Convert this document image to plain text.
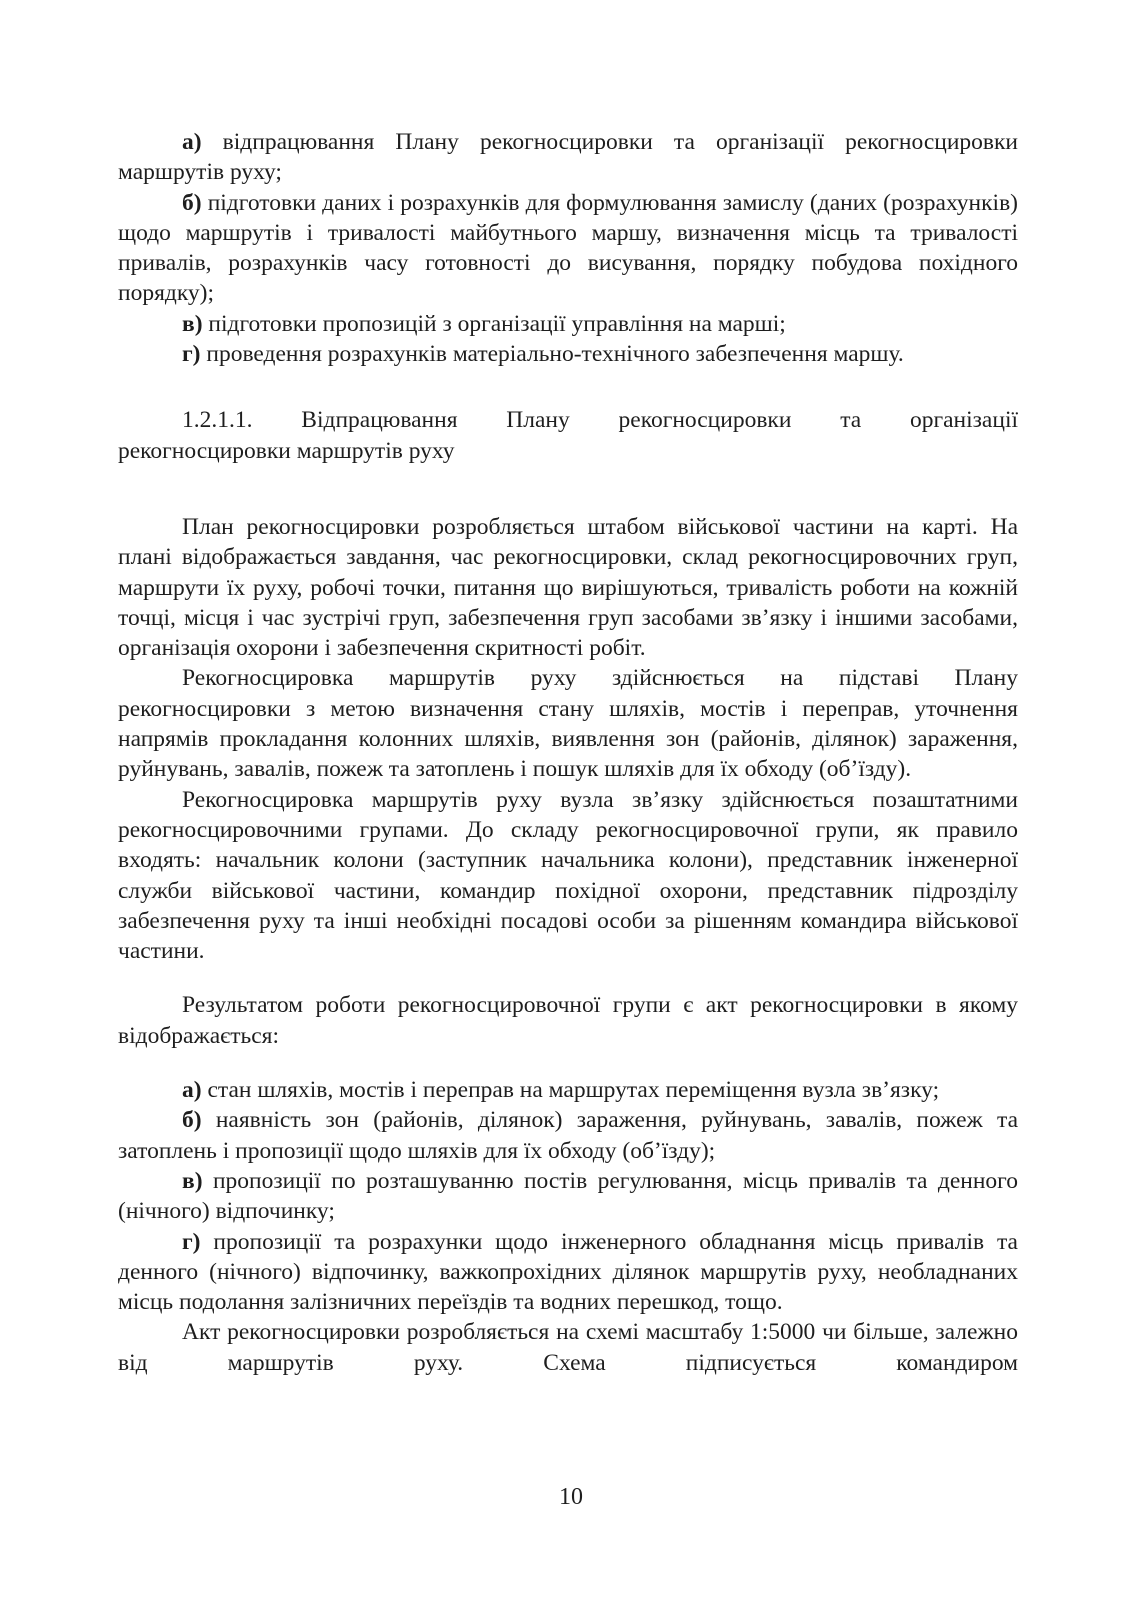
а) відпрацювання Плану рекогносцировки та організації рекогносцировки маршрутів руху;

б) підготовки даних і розрахунків для формулювання замислу (даних (розрахунків) щодо маршрутів і тривалості майбутнього маршу, визначення місць та тривалості привалів, розрахунків часу готовності до висування, порядку побудова похідного порядку);

в) підготовки пропозицій з організації управління на марші;

г) проведення розрахунків матеріально-технічного забезпечення маршу.

1.2.1.1. Відпрацювання Плану рекогносцировки та організації

рекогносцировки маршрутів руху

План рекогносцировки розробляється штабом військової частини на карті. На плані відображається завдання, час рекогносцировки, склад рекогносцировочних груп, маршрути їх руху, робочі точки, питання що вирішуються, тривалість роботи на кожній точці, місця і час зустрічі груп, забезпечення груп засобами зв’язку і іншими засобами, організація охорони і забезпечення скритності робіт.

Рекогносцировка маршрутів руху здійснюється на підставі Плану рекогносцировки з метою визначення стану шляхів, мостів і переправ, уточнення напрямів прокладання колонних шляхів, виявлення зон (районів, ділянок) зараження, руйнувань, завалів, пожеж та затоплень і пошук шляхів для їх обходу (об’їзду).

Рекогносцировка маршрутів руху вузла зв’язку здійснюється позаштатними рекогносцировочними групами. До складу рекогносцировочної групи, як правило входять: начальник колони (заступник начальника колони), представник інженерної служби військової частини, командир похідної охорони, представник підрозділу забезпечення руху та інші необхідні посадові особи за рішенням командира військової частини.

Результатом роботи рекогносцировочної групи є акт рекогносцировки в якому відображається:

а) стан шляхів, мостів і переправ на маршрутах переміщення вузла зв’язку;

б) наявність зон (районів, ділянок) зараження, руйнувань, завалів, пожеж та затоплень і пропозиції щодо шляхів для їх обходу (об’їзду);

в) пропозиції по розташуванню постів регулювання, місць привалів та денного (нічного) відпочинку;

г) пропозиції та розрахунки щодо інженерного обладнання місць привалів та денного (нічного) відпочинку, важкопрохідних ділянок маршрутів руху, необладнаних місць подолання залізничних переїздів та водних перешкод, тощо.

Акт рекогносцировки розробляється на схемі масштабу 1:5000 чи більше, залежно від маршрутів руху. Схема підписується командиром

10
